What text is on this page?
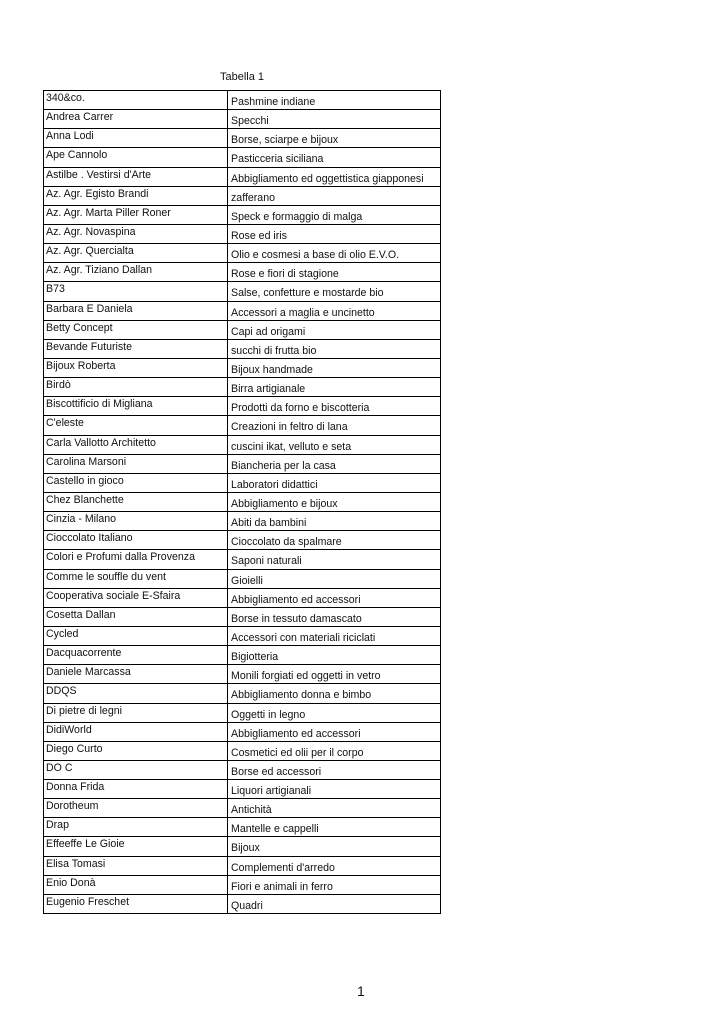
Tabella 1
340&co.	Pashmine indiane
Andrea Carrer	Specchi
Anna Lodi	Borse, sciarpe e bijoux
Ape Cannolo	Pasticceria siciliana
Astilbe . Vestirsi d'Arte	Abbigliamento ed oggettistica giapponesi
Az. Agr. Egisto Brandi	zafferano
Az. Agr. Marta Piller Roner	Speck e formaggio di malga
Az. Agr. Novaspina	Rose ed iris
Az. Agr. Quercialta	Olio e cosmesi a base di olio E.V.O.
Az. Agr. Tiziano Dallan	Rose e fiori di stagione
B73	Salse, confetture e mostarde bio
Barbara E Daniela	Accessori a maglia e uncinetto
Betty Concept	Capi ad origami
Bevande Futuriste	succhi di frutta bio
Bijoux Roberta	Bijoux handmade
Birdò	Birra artigianale
Biscottificio di Migliana	Prodotti da forno e biscotteria
C'eleste	Creazioni in feltro di lana
Carla Vallotto Architetto	cuscini ikat, velluto e seta
Carolina Marsoni	Biancheria per la casa
Castello in gioco	Laboratori didattici
Chez Blanchette	Abbigliamento e bijoux
Cinzia - Milano	Abiti da bambini
Cioccolato Italiano	Cioccolato da spalmare
Colori e Profumi dalla Provenza	Saponi naturali
Comme le souffle du vent	Gioielli
Cooperativa sociale E-Sfaira	Abbigliamento ed accessori
Cosetta Dallan	Borse in tessuto damascato
Cycled	Accessori con materiali riciclati
Dacquacorrente	Bigiotteria
Daniele Marcassa	Monili forgiati ed oggetti in vetro
DDQS	Abbigliamento donna e bimbo
Di pietre di legni	Oggetti in legno
DidiWorld	Abbigliamento ed accessori
Diego Curto	Cosmetici ed olii per il corpo
DO C	Borse ed accessori
Donna Frida	Liquori artigianali
Dorotheum	Antichità
Drap	Mantelle e cappelli
Effeeffe Le Gioie	Bijoux
Elisa Tomasi	Complementi d'arredo
Enio Donà	Fiori e animali in ferro
Eugenio Freschet	Quadri
1
